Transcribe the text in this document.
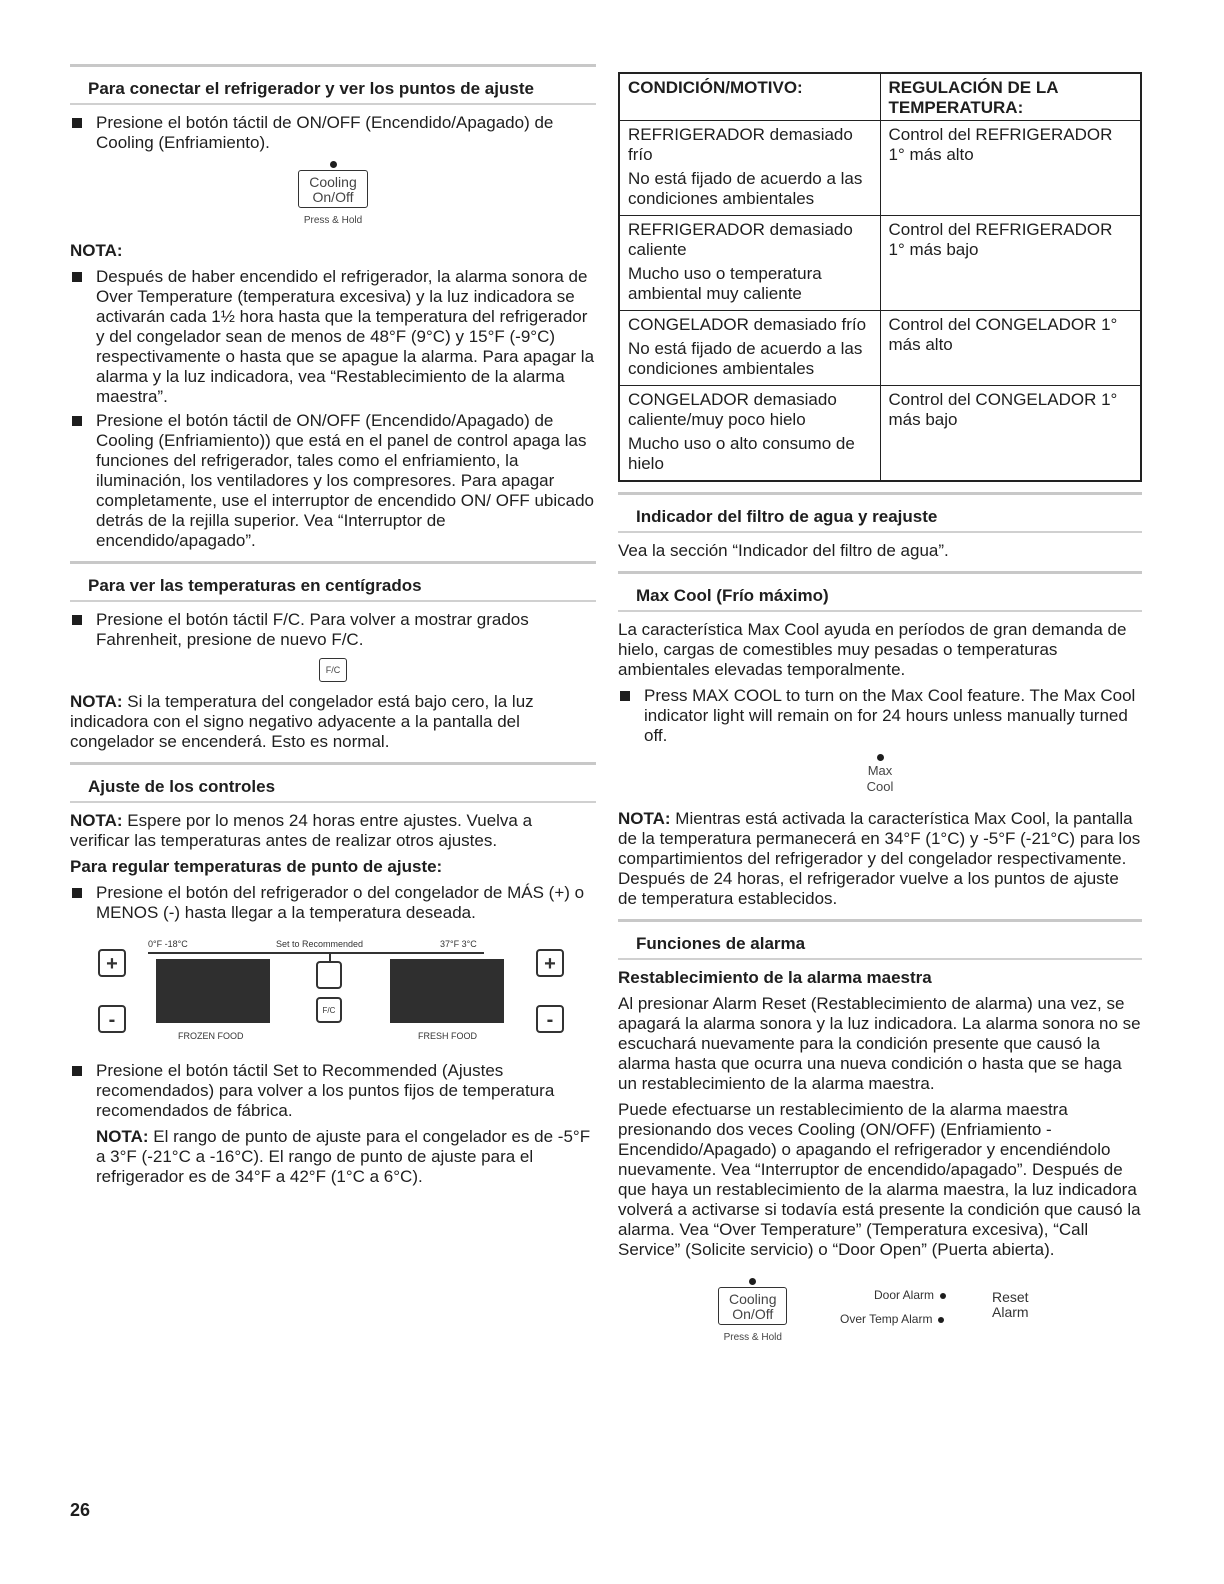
Para conectar el refrigerador y ver los puntos de ajuste
Presione el botón táctil de ON/OFF (Encendido/Apagado) de Cooling (Enfriamiento).
Cooling
On/Off
Press & Hold
NOTA:
Después de haber encendido el refrigerador, la alarma sonora de Over Temperature (temperatura excesiva) y la luz indicadora se activarán cada 1½ hora hasta que la temperatura del refrigerador y del congelador sean de menos de 48°F (9°C) y 15°F (-9°C) respectivamente o hasta que se apague la alarma. Para apagar la alarma y la luz indicadora, vea “Restablecimiento de la alarma maestra”.
Presione el botón táctil de ON/OFF (Encendido/Apagado) de Cooling (Enfriamiento)) que está en el panel de control apaga las funciones del refrigerador, tales como el enfriamiento, la iluminación, los ventiladores y los compresores. Para apagar completamente, use el interruptor de encendido ON/ OFF ubicado detrás de la rejilla superior. Vea “Interruptor de encendido/apagado”.
Para ver las temperaturas en centígrados
Presione el botón táctil F/C. Para volver a mostrar grados Fahrenheit, presione de nuevo F/C.
F/C

NOTA: Si la temperatura del congelador está bajo cero, la luz indicadora con el signo negativo adyacente a la pantalla del congelador se encenderá. Esto es normal.

Ajuste de los controles

NOTA: Espere por lo menos 24 horas entre ajustes. Vuelva a verificar las temperaturas antes de realizar otros ajustes.

Para regular temperaturas de punto de ajuste:
Presione el botón del refrigerador o del congelador de MÁS (+) o MENOS (-) hasta llegar a la temperatura deseada.
0°F -18°C	Set to Recommended	37°F 3°C
+
-
+
-
F/C
FROZEN FOOD	FRESH FOOD
Presione el botón táctil Set to Recommended (Ajustes recomendados) para volver a los puntos fijos de temperatura recomendados de fábrica.

NOTA: El rango de punto de ajuste para el congelador es de -5°F a 3°F (-21°C a -16°C). El rango de punto de ajuste para el refrigerador es de 34°F a 42°F (1°C a 6°C).

CONDICIÓN/MOTIVO:	REGULACIÓN DE LA TEMPERATURA:

REFRIGERADOR demasiado frío

No está fijado de acuerdo a las condiciones ambientales	Control del REFRIGERADOR 1° más alto

REFRIGERADOR demasiado caliente

Mucho uso o temperatura ambiental muy caliente	Control del REFRIGERADOR 1° más bajo

CONGELADOR demasiado frío

No está fijado de acuerdo a las condiciones ambientales	Control del CONGELADOR 1° más alto

CONGELADOR demasiado caliente/muy poco hielo

Mucho uso o alto consumo de hielo	Control del CONGELADOR 1° más bajo
Indicador del filtro de agua y reajuste

Vea la sección “Indicador del filtro de agua”.

Max Cool (Frío máximo)

La característica Max Cool ayuda en períodos de gran demanda de hielo, cargas de comestibles muy pesadas o temperaturas ambientales elevadas temporalmente.

Press MAX COOL to turn on the Max Cool feature. The Max Cool indicator light will remain on for 24 hours unless manually turned off.
Max
Cool

NOTA: Mientras está activada la característica Max Cool, la pantalla de la temperatura permanecerá en 34°F (1°C) y -5°F (-21°C) para los compartimientos del refrigerador y del congelador respectivamente. Después de 24 horas, el refrigerador vuelve a los puntos de ajuste de temperatura establecidos.

Funciones de alarma
Restablecimiento de la alarma maestra

Al presionar Alarm Reset (Restablecimiento de alarma) una vez, se apagará la alarma sonora y la luz indicadora. La alarma sonora no se escuchará nuevamente para la condición presente que causó la alarma hasta que ocurra una nueva condición o hasta que se haga un restablecimiento de la alarma maestra.

Puede efectuarse un restablecimiento de la alarma maestra presionando dos veces Cooling (ON/OFF) (Enfriamiento - Encendido/Apagado) o apagando el refrigerador y encendiéndolo nuevamente. Vea “Interruptor de encendido/apagado”. Después de que haya un restablecimiento de la alarma maestra, la luz indicadora volverá a activarse si todavía está presente la condición que causó la alarma. Vea “Over Temperature” (Temperatura excesiva), “Call Service” (Solicite servicio) o “Door Open” (Puerta abierta).

Cooling
On/Off
Press & Hold
Door Alarm
Over Temp Alarm
Reset
Alarm
26
